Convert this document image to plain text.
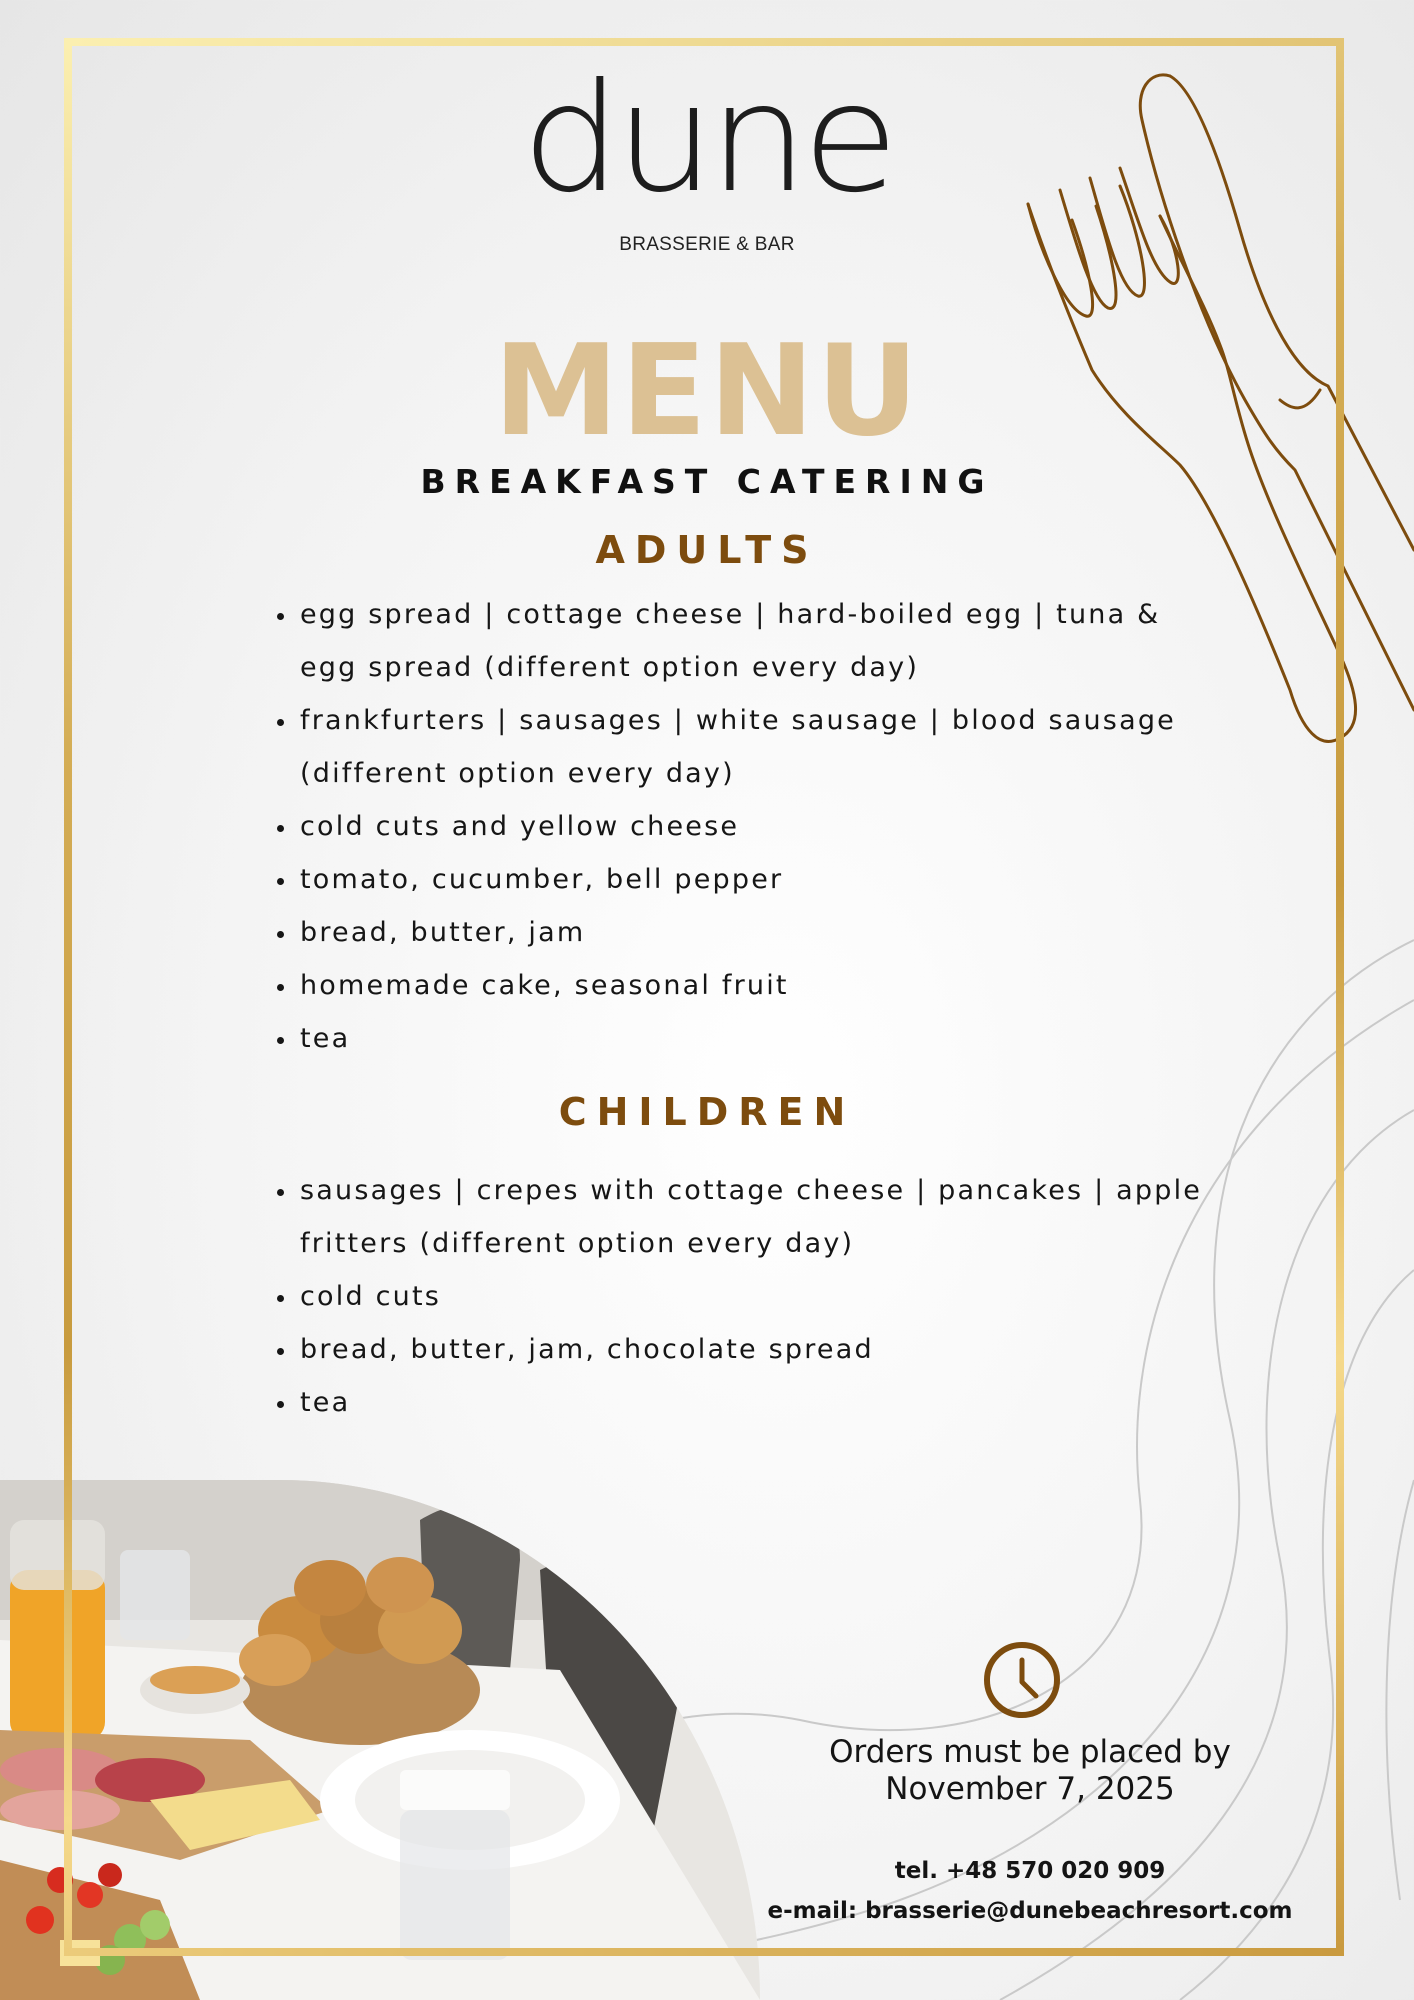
dune
BRASSERIE & BAR
MENU
BREAKFAST CATERING
ADULTS
• egg spread | cottage cheese | hard-boiled egg | tuna & egg spread (different option every day)
• frankfurters | sausages | white sausage | blood sausage (different option every day)
• cold cuts and yellow cheese
• tomato, cucumber, bell pepper
• bread, butter, jam
• homemade cake, seasonal fruit
• tea
CHILDREN
• sausages | crepes with cottage cheese | pancakes | apple fritters (different option every day)
• cold cuts
• bread, butter, jam, chocolate spread
• tea
Orders must be placed by
November 7, 2025
tel. +48 570 020 909
e-mail: brasserie@dunebeachresort.com
